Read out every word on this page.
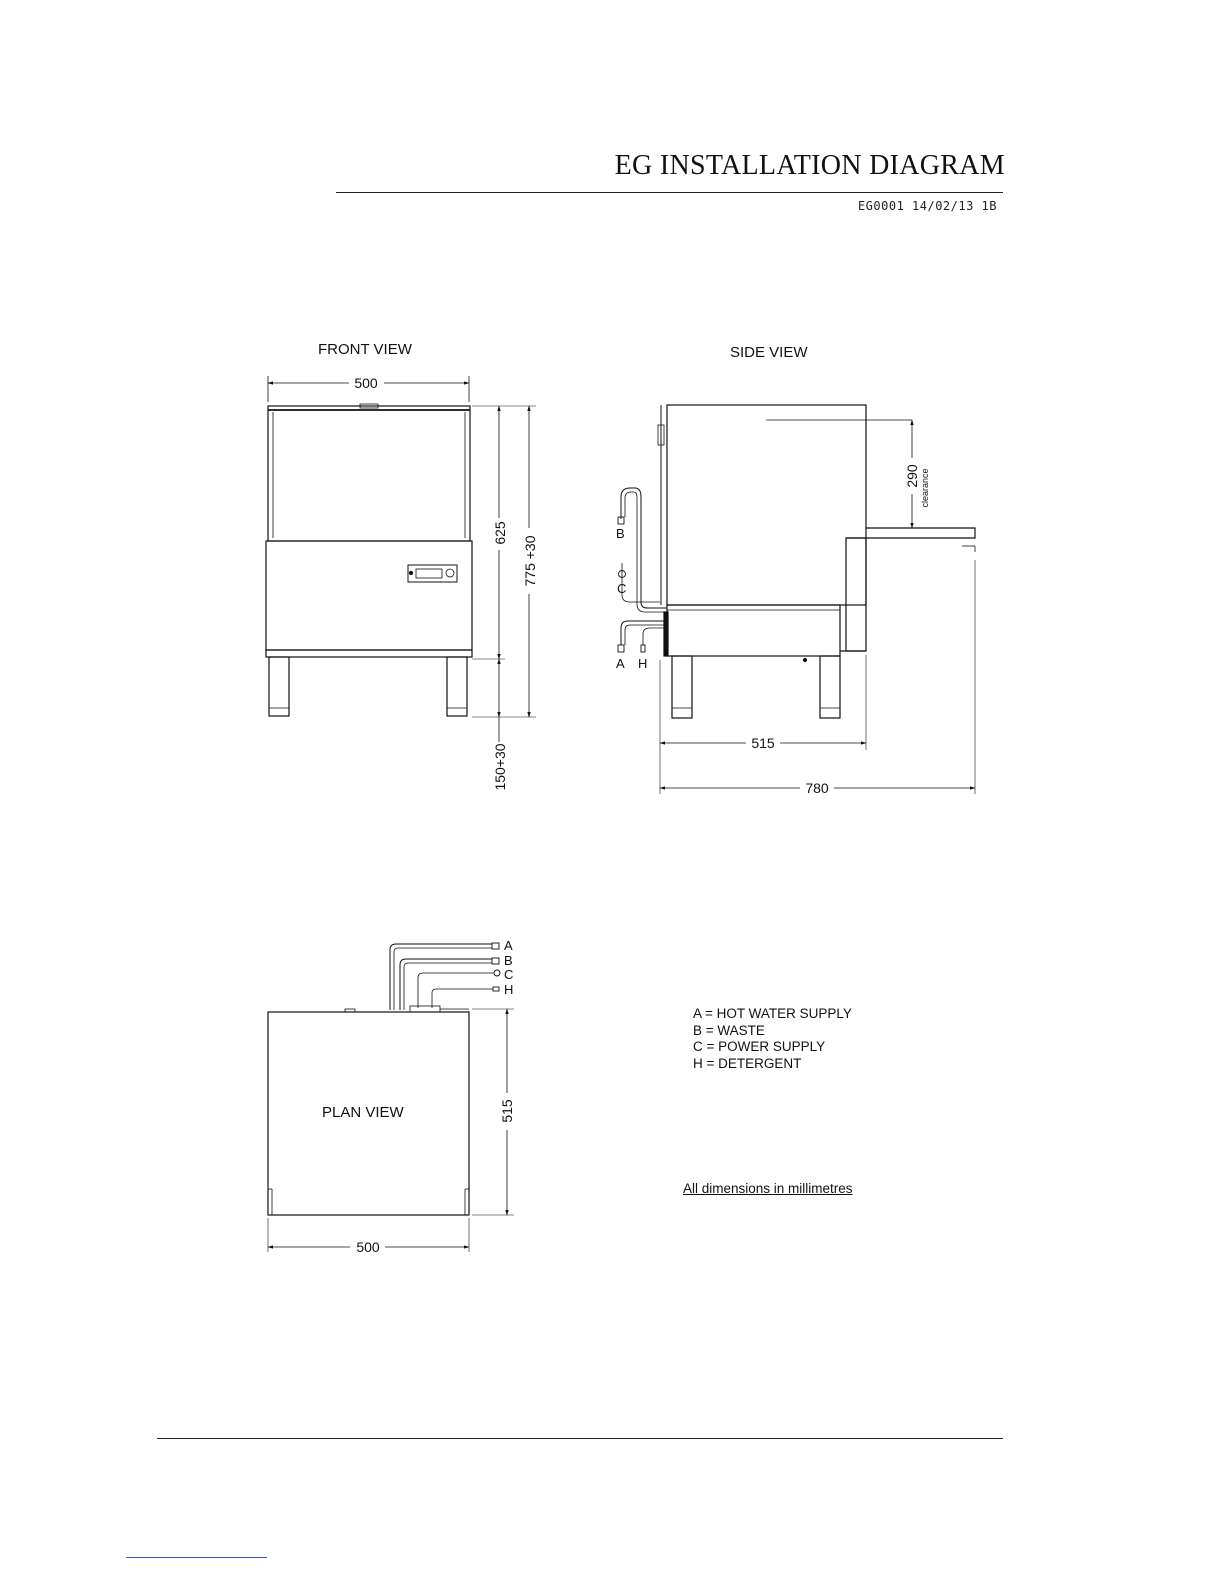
EG INSTALLATION DIAGRAM
EG0001 14/02/13 1B
FRONT VIEW
500
625
775 +30
150+30
SIDE VIEW
B
C
A H
290 clearance
515
780
PLAN VIEW
A
B
C
H
515
500
A = HOT WATER SUPPLY
B = WASTE
C = POWER SUPPLY
H = DETERGENT
All dimensions in millimetres
